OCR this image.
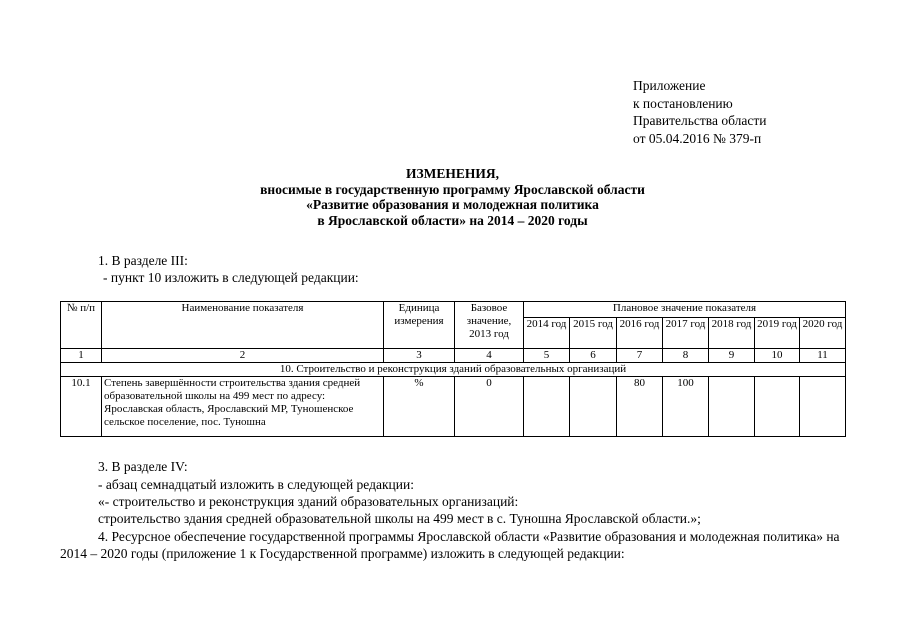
Приложение
к постановлению
Правительства области
от 05.04.2016 № 379-п
ИЗМЕНЕНИЯ,
вносимые в государственную программу Ярославской области
«Развитие образования и молодежная политика
в Ярославской области» на 2014 – 2020 годы
1. В разделе III:
- пункт 10 изложить в следующей редакции:
№ п/п	Наименование показателя	Единица измерения	Базовое значение, 2013 год	Плановое значение показателя						
				2014 год	2015 год	2016 год	2017 год	2018 год	2019 год	2020 год
1	2	3	4	5	6	7	8	9	10	11
10. Строительство и реконструкция зданий образовательных организаций										
10.1	Степень завершённости строительства здания средней образовательной школы на 499 мест по адресу: Ярославская область, Ярославский МР, Туношенское сельское поселение, пос. Туношна	%	0			80	100			
3. В разделе IV:
- абзац семнадцатый изложить в следующей редакции:
«- строительство и реконструкция зданий образовательных организаций:
строительство здания средней образовательной школы на 499 мест в с. Туношна Ярославской области.»;
4. Ресурсное обеспечение государственной программы Ярославской области «Развитие образования и молодежная политика» на 2014 – 2020 годы (приложение 1 к Государственной программе) изложить в следующей редакции:
